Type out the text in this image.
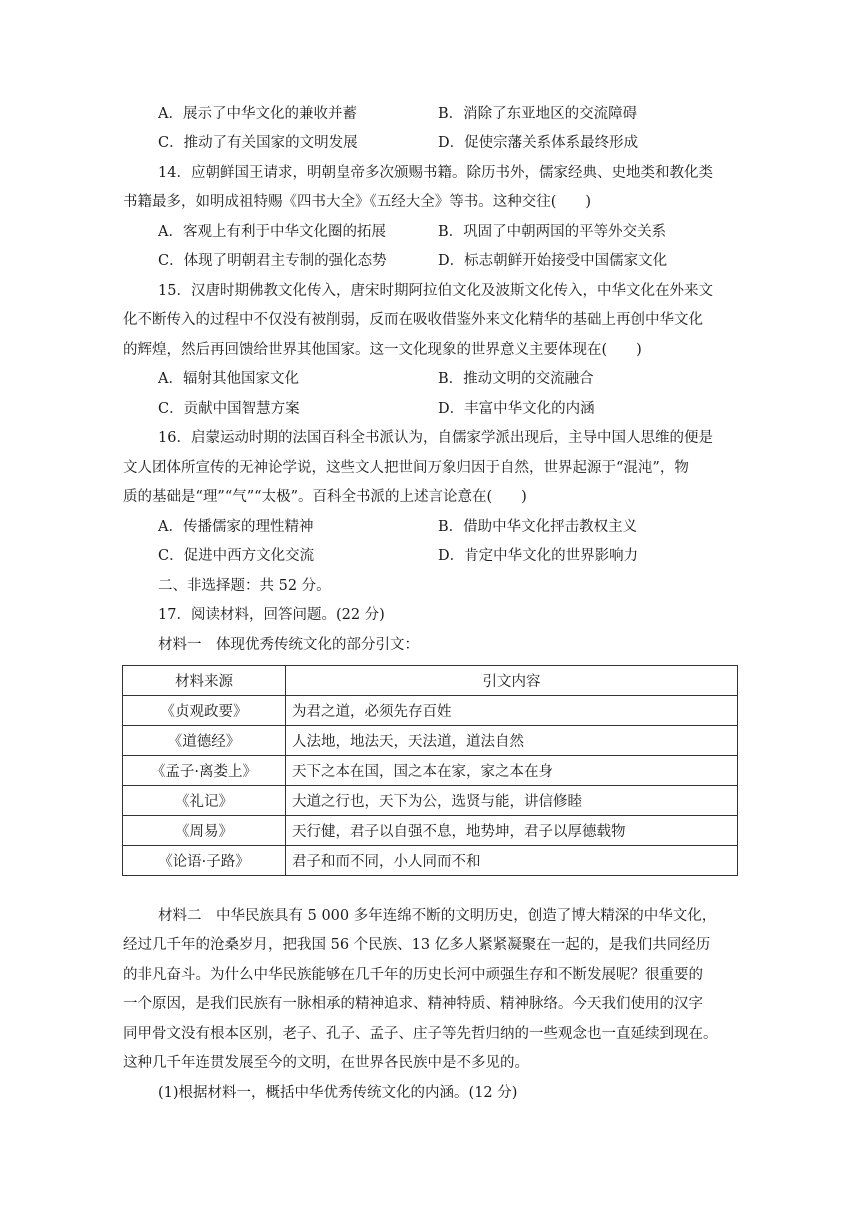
A．展示了中华文化的兼收并蓄	B．消除了东亚地区的交流障碍
C．推动了有关国家的文明发展	D．促使宗藩关系体系最终形成
14．应朝鲜国王请求，明朝皇帝多次颁赐书籍。除历书外，儒家经典、史地类和教化类
书籍最多，如明成祖特赐《四书大全》《五经大全》等书。这种交往(　　)
A．客观上有利于中华文化圈的拓展	B．巩固了中朝两国的平等外交关系
C．体现了明朝君主专制的强化态势	D．标志朝鲜开始接受中国儒家文化
15．汉唐时期佛教文化传入，唐宋时期阿拉伯文化及波斯文化传入，中华文化在外来文
化不断传入的过程中不仅没有被削弱，反而在吸收借鉴外来文化精华的基础上再创中华文化
的辉煌，然后再回馈给世界其他国家。这一文化现象的世界意义主要体现在(　　)
A．辐射其他国家文化	B．推动文明的交流融合
C．贡献中国智慧方案	D．丰富中华文化的内涵
16．启蒙运动时期的法国百科全书派认为，自儒家学派出现后，主导中国人思维的便是
文人团体所宣传的无神论学说，这些文人把世间万象归因于自然，世界起源于“混沌”，物
质的基础是“理”“气”“太极”。百科全书派的上述言论意在(　　)
A．传播儒家的理性精神	B．借助中华文化抨击教权主义
C．促进中西方文化交流	D．肯定中华文化的世界影响力
二、非选择题：共 52 分。
17．阅读材料，回答问题。(22 分)
材料一　体现优秀传统文化的部分引文：
材料来源	引文内容
《贞观政要》	为君之道，必须先存百姓
《道德经》	人法地，地法天，天法道，道法自然
《孟子·离娄上》	天下之本在国，国之本在家，家之本在身
《礼记》	大道之行也，天下为公，选贤与能，讲信修睦
《周易》	天行健，君子以自强不息，地势坤，君子以厚德载物
《论语·子路》	君子和而不同，小人同而不和
材料二　中华民族具有 5 000 多年连绵不断的文明历史，创造了博大精深的中华文化，
经过几千年的沧桑岁月，把我国 56 个民族、13 亿多人紧紧凝聚在一起的，是我们共同经历
的非凡奋斗。为什么中华民族能够在几千年的历史长河中顽强生存和不断发展呢？很重要的
一个原因，是我们民族有一脉相承的精神追求、精神特质、精神脉络。今天我们使用的汉字
同甲骨文没有根本区别，老子、孔子、孟子、庄子等先哲归纳的一些观念也一直延续到现在。
这种几千年连贯发展至今的文明，在世界各民族中是不多见的。
(1)根据材料一，概括中华优秀传统文化的内涵。(12 分)
